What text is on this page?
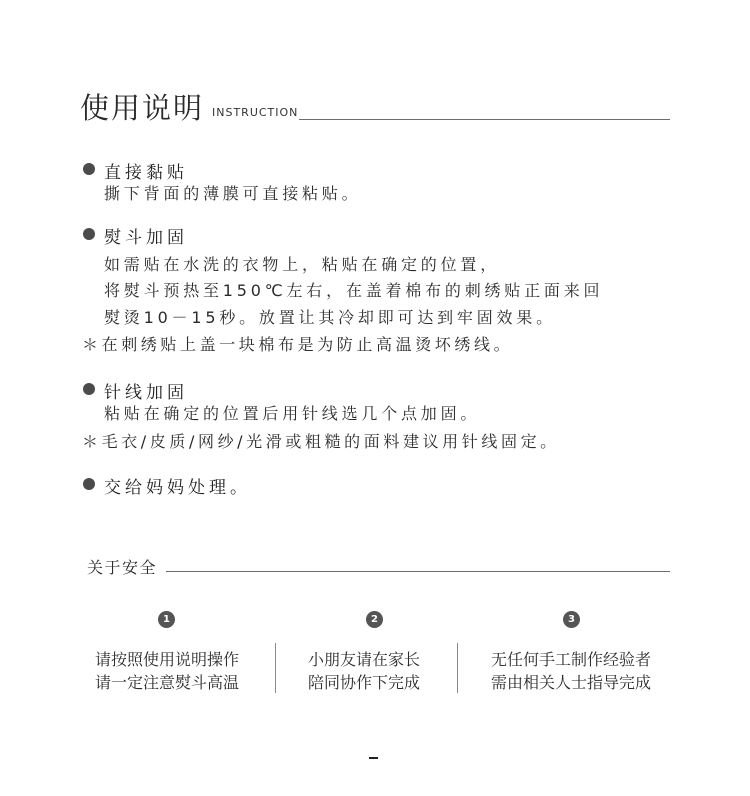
使用说明 INSTRUCTION
直接黏贴
撕下背面的薄膜可直接粘贴。
熨斗加固
如需贴在水洗的衣物上，粘贴在确定的位置，
将熨斗预热至150℃左右，在盖着棉布的刺绣贴正面来回
熨烫10－15秒。放置让其冷却即可达到牢固效果。
＊在刺绣贴上盖一块棉布是为防止高温烫坏绣线。
针线加固
粘贴在确定的位置后用针线选几个点加固。
＊毛衣/皮质/网纱/光滑或粗糙的面料建议用针线固定。
交给妈妈处理。
关于安全
1	2	3
请按照使用说明操作
请一定注意熨斗高温
小朋友请在家长
陪同协作下完成
无任何手工制作经验者
需由相关人士指导完成
